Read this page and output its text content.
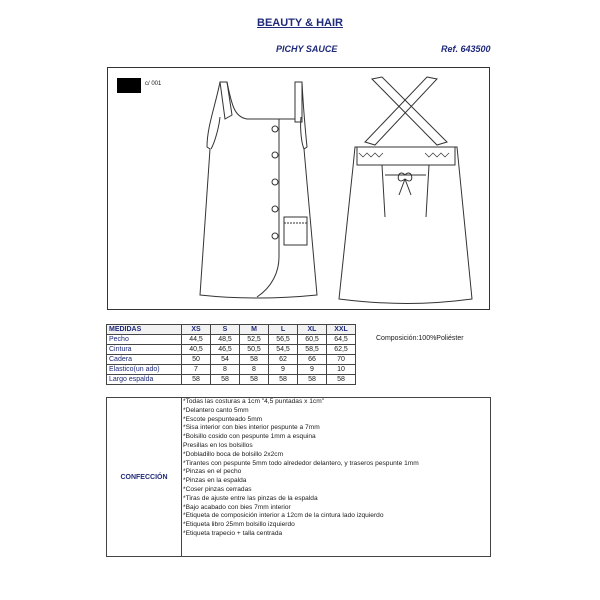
BEAUTY & HAIR
PICHY SAUCE	Ref. 643500
c/ 001
MEDIDAS	XS	S	M	L	XL	XXL
Pecho	44,5	48,5	52,5	56,5	60,5	64,5
Cintura	40,5	46,5	50,5	54,5	58,5	62,5
Cadera	50	54	58	62	66	70
Elastico(un ado)	7	8	8	9	9	10
Largo espalda	58	58	58	58	58	58
Composición:100%Poliéster
CONFECCIÓN
*Todas las costuras a 1cm "4,5 puntadas x 1cm"
*Delantero canto 5mm
*Escote pespunteado 5mm
*Sisa interior con bies interior pespunte a 7mm
*Bolsillo cosido con pespunte 1mm a esquina
Presillas en los bolsillos
*Dobladillo boca de bolsillo 2x2cm
*Tirantes con pespunte 5mm todo alrededor delantero, y traseros pespunte 1mm
*Pinzas en el pecho
*Pinzas en la espalda
*Coser pinzas cerradas
*Tiras de ajuste entre las pinzas de la espalda
*Bajo acabado con bies 7mm interior
*Etiqueta de composición interior a 12cm de la cintura lado izquierdo
*Etiqueta libro 25mm bolsillo izquierdo
*Etiqueta trapecio + talla centrada
